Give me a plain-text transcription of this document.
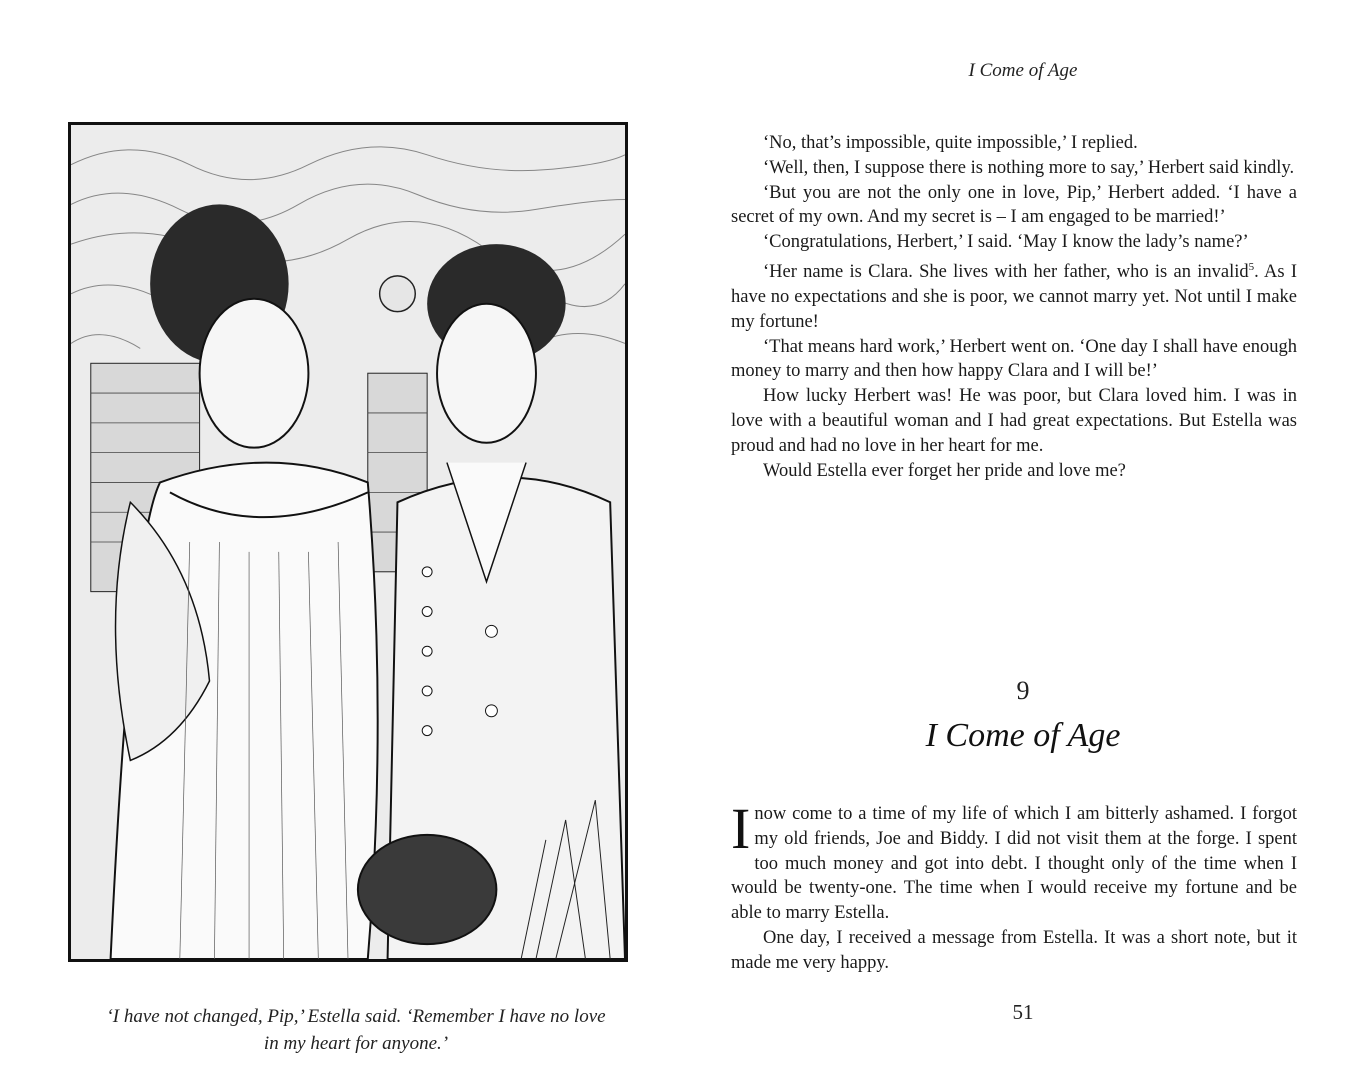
‘I have not changed, Pip,’ Estella said. ‘Remember I have no love
in my heart for anyone.’
I Come of Age

‘No, that’s impossible, quite impossible,’ I replied.

‘Well, then, I suppose there is nothing more to say,’ Herbert said kindly.

‘But you are not the only one in love, Pip,’ Herbert added. ‘I have a secret of my own. And my secret is – I am engaged to be married!’

‘Congratulations, Herbert,’ I said. ‘May I know the lady’s name?’

‘Her name is Clara. She lives with her father, who is an invalid$^5$. As I have no expectations and she is poor, we cannot marry yet. Not until I make my fortune!

‘That means hard work,’ Herbert went on. ‘One day I shall have enough money to marry and then how happy Clara and I will be!’

How lucky Herbert was! He was poor, but Clara loved him. I was in love with a beautiful woman and I had great expectations. But Estella was proud and had no love in her heart for me.

Would Estella ever forget her pride and love me?

9
I Come of Age

Inow come to a time of my life of which I am bitterly ashamed. I forgot my old friends, Joe and Biddy. I did not visit them at the forge. I spent too much money and got into debt. I thought only of the time when I would be twenty-one. The time when I would receive my fortune and be able to marry Estella.

One day, I received a message from Estella. It was a short note, but it made me very happy.

51
